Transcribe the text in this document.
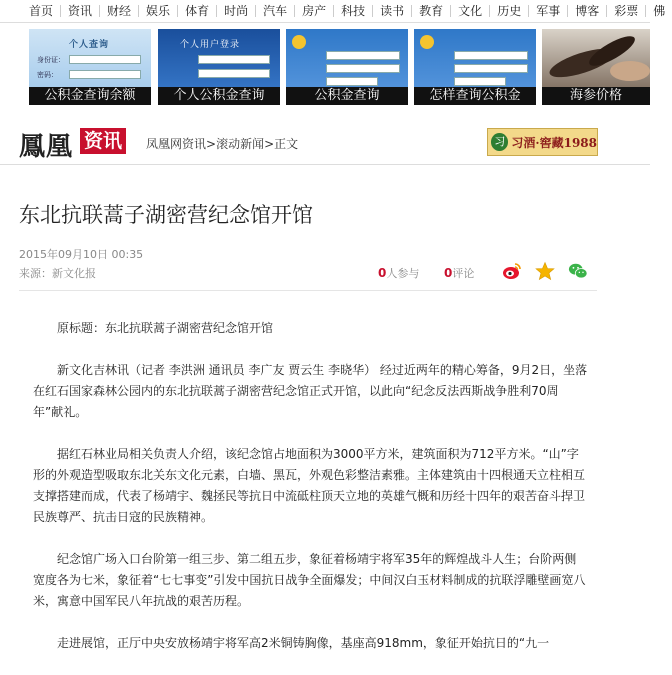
首页	资讯	财经	娱乐	体育	时尚	汽车	房产	科技	读书	教育	文化	历史	军事	博客	彩票	佛
个人查询
身份证：
密码：
公积金查询余额
个人用户登录
个人公积金查询	公积金查询	怎样查询公积金	海参价格
鳳凰 资讯	凤凰网资讯>滚动新闻>正文	习 习酒·窖藏1988
东北抗联蒿子湖密营纪念馆开馆
2015年09月10日 00:35
来源：新文化报	0人参与 0评论

原标题：东北抗联蒿子湖密营纪念馆开馆

新文化吉林讯（记者 李洪洲 通讯员 李广友 贾云生 李晓华） 经过近两年的精心筹备，9月2日，坐落在红石国家森林公园内的东北抗联蒿子湖密营纪念馆正式开馆，以此向“纪念反法西斯战争胜利70周年”献礼。

据红石林业局相关负责人介绍，该纪念馆占地面积为3000平方米，建筑面积为712平方米。“山”字形的外观造型吸取东北关东文化元素，白墙、黑瓦，外观色彩整洁素雅。主体建筑由十四根通天立柱相互支撑搭建而成，代表了杨靖宇、魏拯民等抗日中流砥柱顶天立地的英雄气概和历经十四年的艰苦奋斗捍卫民族尊严、抗击日寇的民族精神。

纪念馆广场入口台阶第一组三步、第二组五步，象征着杨靖宇将军35年的辉煌战斗人生；台阶两侧宽度各为七米，象征着“七七事变”引发中国抗日战争全面爆发；中间汉白玉材料制成的抗联浮雕壁画宽八米，寓意中国军民八年抗战的艰苦历程。

走进展馆，正厅中央安放杨靖宇将军高2米铜铸胸像，基座高918mm，象征开始抗日的“九一
